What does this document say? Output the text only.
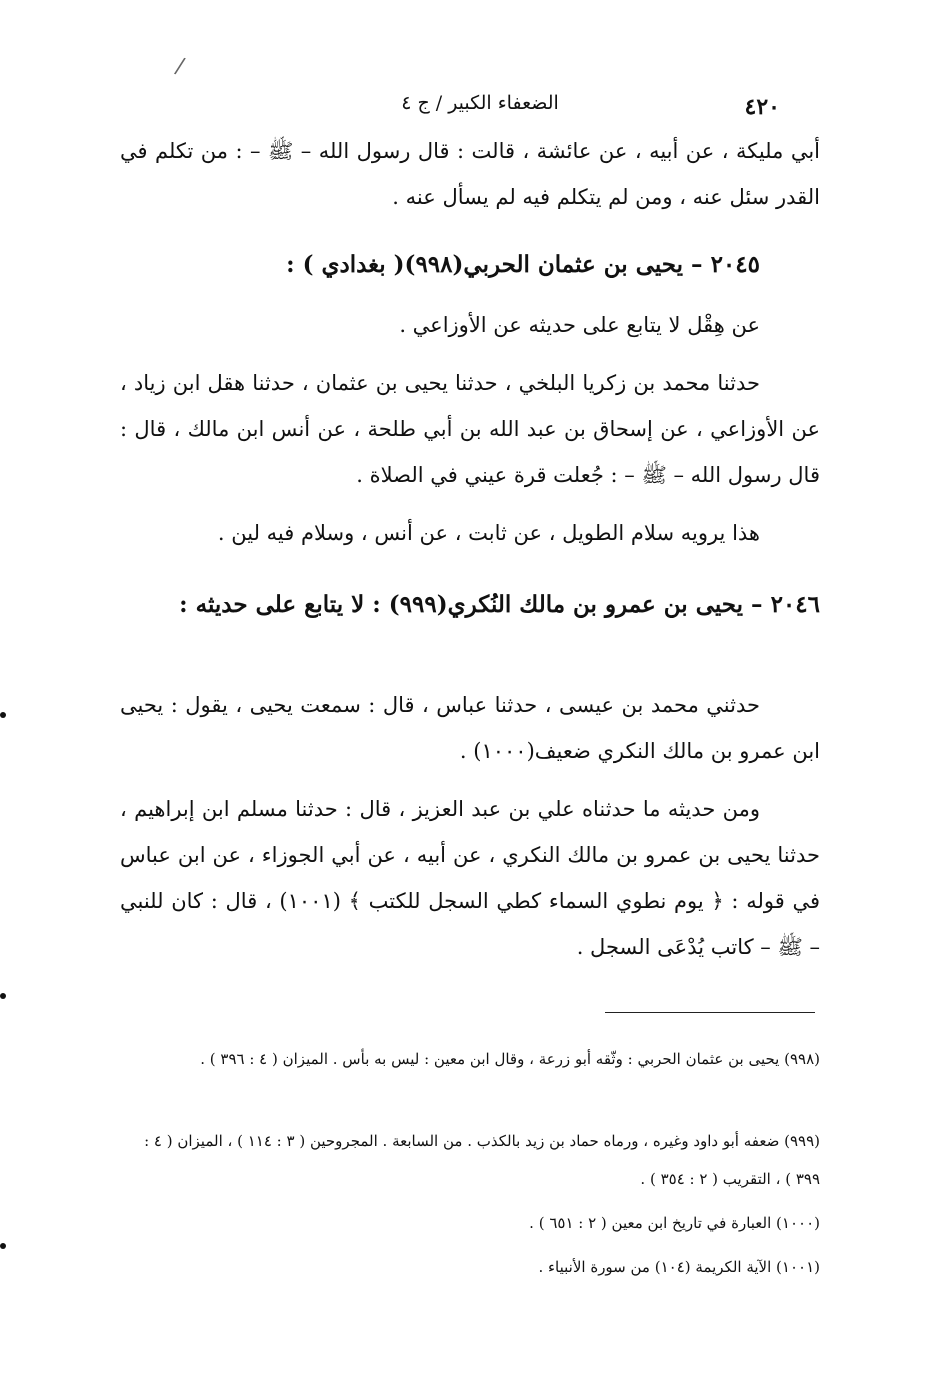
/
الضعفاء الكبير / ج ٤	٤٢٠

أبي مليكة ، عن أبيه ، عن عائشة ، قالت : قال رسول الله – ﷺ – : من تكلم في القدر سئل عنه ، ومن لم يتكلم فيه لم يسأل عنه .

٢٠٤٥ – يحيى بن عثمان الحربي(٩٩٨)( بغدادي ) :

عن هِقْل لا يتابع على حديثه عن الأوزاعي .

حدثنا محمد بن زكريا البلخي ، حدثنا يحيى بن عثمان ، حدثنا هقل ابن زياد ، عن الأوزاعي ، عن إسحاق بن عبد الله بن أبي طلحة ، عن أنس ابن مالك ، قال : قال رسول الله – ﷺ – : جُعلت قرة عيني في الصلاة .

هذا يرويه سلام الطويل ، عن ثابت ، عن أنس ، وسلام فيه لين .

٢٠٤٦ – يحيى بن عمرو بن مالك النُكري(٩٩٩) : لا يتابع على حديثه :

حدثني محمد بن عيسى ، حدثنا عباس ، قال : سمعت يحيى ، يقول : يحيى ابن عمرو بن مالك النكري ضعيف(١٠٠٠) .

ومن حديثه ما حدثناه علي بن عبد العزيز ، قال : حدثنا مسلم ابن إبراهيم ، حدثنا يحيى بن عمرو بن مالك النكري ، عن أبيه ، عن أبي الجوزاء ، عن ابن عباس في قوله : ﴿ يوم نطوي السماء كطي السجل للكتب ﴾ (١٠٠١) ، قال : كان للنبي – ﷺ – كاتب يُدْعَى السجل .

(٩٩٨) يحيى بن عثمان الحربي : وثّقه أبو زرعة ، وقال ابن معين : ليس به بأس . الميزان ( ٤ : ٣٩٦ ) .

(٩٩٩) ضعفه أبو داود وغيره ، ورماه حماد بن زيد بالكذب . من السابعة . المجروحين ( ٣ : ١١٤ ) ، الميزان ( ٤ : ٣٩٩ ) ، التقريب ( ٢ : ٣٥٤ ) .

(١٠٠٠) العبارة في تاريخ ابن معين ( ٢ : ٦٥١ ) .

(١٠٠١) الآية الكريمة (١٠٤) من سورة الأنبياء .
